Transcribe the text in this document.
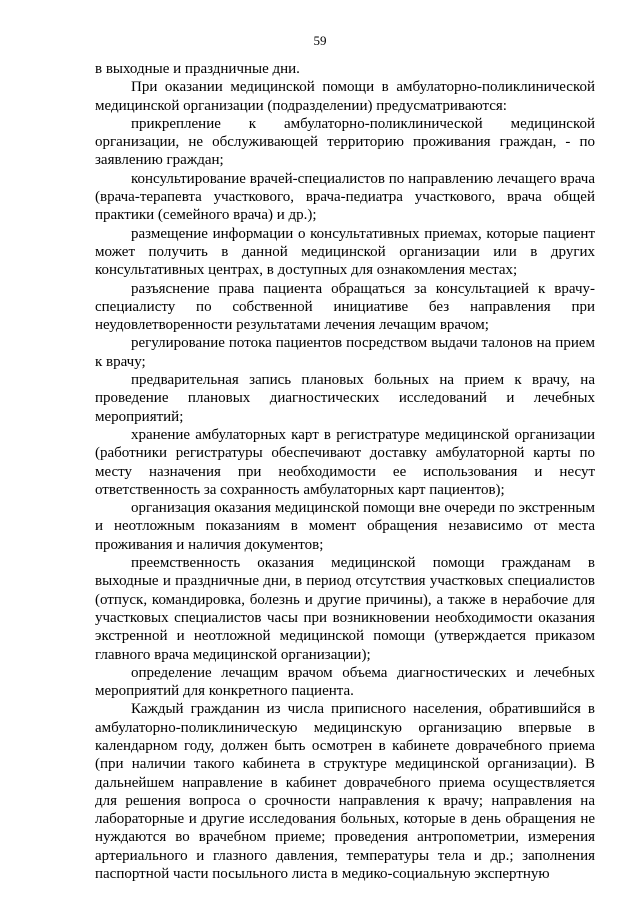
59

в выходные и праздничные дни.

При оказании медицинской помощи в амбулаторно-поликлинической медицинской организации (подразделении) предусматриваются:

прикрепление к амбулаторно-поликлинической медицинской организации, не обслуживающей территорию проживания граждан, - по заявлению граждан;

консультирование врачей-специалистов по направлению лечащего врача (врача-терапевта участкового, врача-педиатра участкового, врача общей практики (семейного врача) и др.);

размещение информации о консультативных приемах, которые пациент может получить в данной медицинской организации или в других консультативных центрах, в доступных для ознакомления местах;

разъяснение права пациента обращаться за консультацией к врачу-специалисту по собственной инициативе без направления при неудовлетворенности результатами лечения лечащим врачом;

регулирование потока пациентов посредством выдачи талонов на прием к врачу;

предварительная запись плановых больных на прием к врачу, на проведение плановых диагностических исследований и лечебных мероприятий;

хранение амбулаторных карт в регистратуре медицинской организации (работники регистратуры обеспечивают доставку амбулаторной карты по месту назначения при необходимости ее использования и несут ответственность за сохранность амбулаторных карт пациентов);

организация оказания медицинской помощи вне очереди по экстренным и неотложным показаниям в момент обращения независимо от места проживания и наличия документов;

преемственность оказания медицинской помощи гражданам в выходные и праздничные дни, в период отсутствия участковых специалистов (отпуск, командировка, болезнь и другие причины), а также в нерабочие для участковых специалистов часы при возникновении необходимости оказания экстренной и неотложной медицинской помощи (утверждается приказом главного врача медицинской организации);

определение лечащим врачом объема диагностических и лечебных мероприятий для конкретного пациента.

Каждый гражданин из числа приписного населения, обратившийся в амбулаторно-поликлиническую медицинскую организацию впервые в календарном году, должен быть осмотрен в кабинете доврачебного приема (при наличии такого кабинета в структуре медицинской организации). В дальнейшем направление в кабинет доврачебного приема осуществляется для решения вопроса о срочности направления к врачу; направления на лабораторные и другие исследования больных, которые в день обращения не нуждаются во врачебном приеме; проведения антропометрии, измерения артериального и глазного давления, температуры тела и др.; заполнения паспортной части посыльного листа в медико-социальную экспертную
